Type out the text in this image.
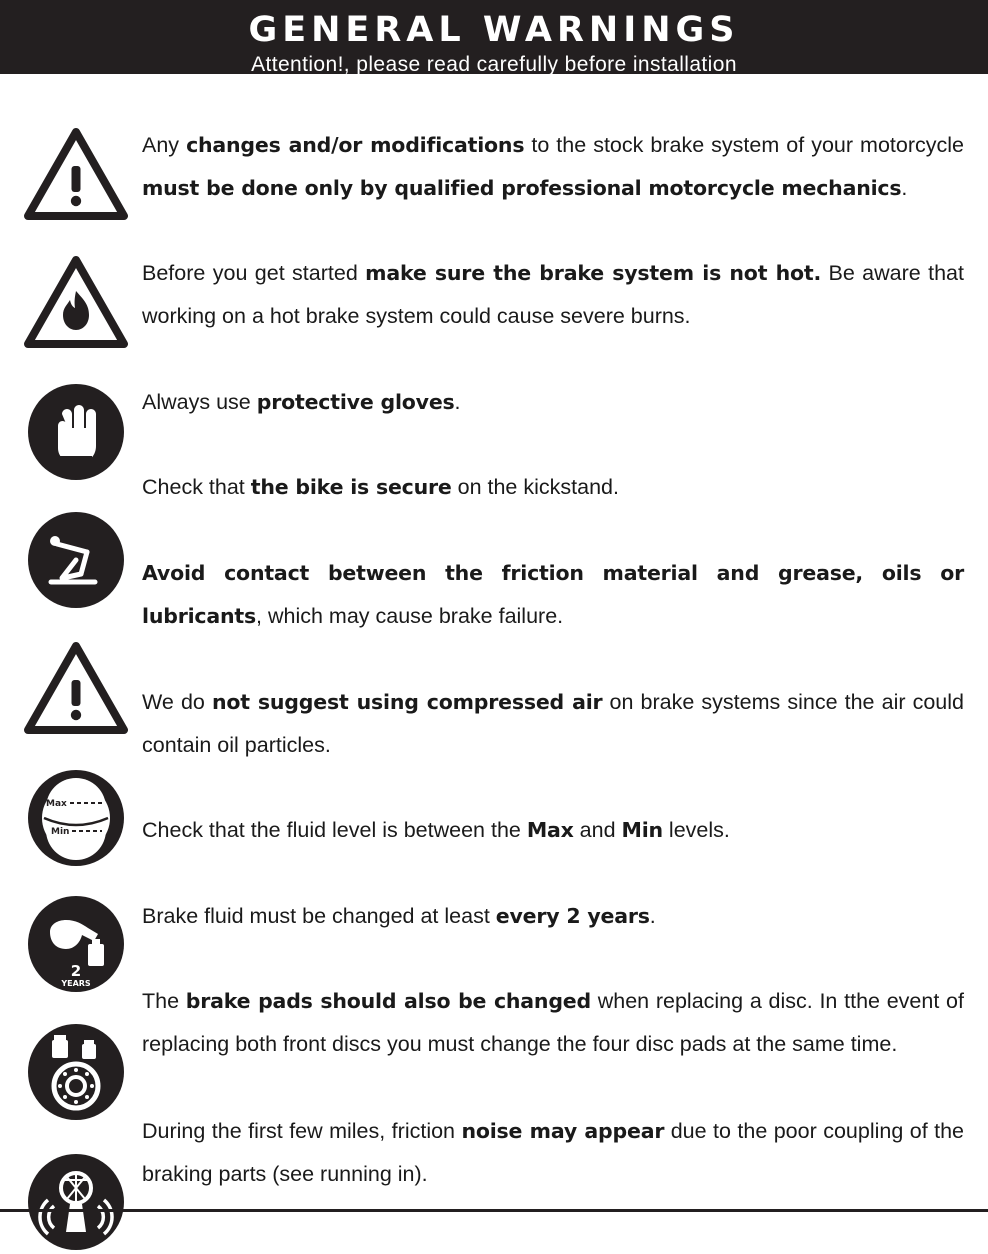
GENERAL WARNINGS
Attention!, please read carefully before installation
Max
Min
2
YEARS
Any changes and/or modifications to the stock brake system of your motorcycle must be done only by qualified professional motorcycle mechanics.
Before you get started make sure the brake system is not hot. Be aware that working on a hot brake system could cause severe burns.
Always use protective gloves.
Check that the bike is secure on the kickstand.
Avoid contact between the friction material and grease, oils or lubricants, which may cause brake failure.
We do not suggest using compressed air on brake systems since the air could contain oil particles.
Check that the fluid level is between the Max and Min levels.
Brake fluid must be changed at least every 2 years.
The brake pads should also be changed when replacing a disc. In tthe event of replacing both front discs you must change the four disc pads at the same time.
During the first few miles, friction noise may appear due to the poor coupling of the braking parts (see running in).
